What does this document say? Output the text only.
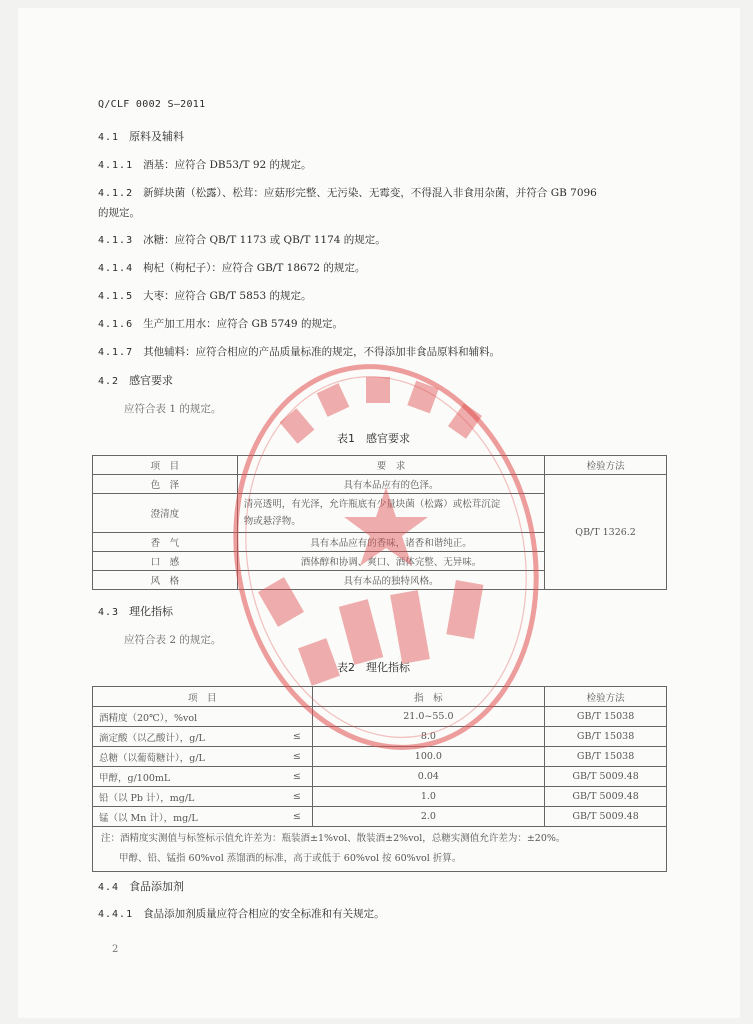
Q/CLF 0002 S—2011
4.1 原料及辅料
4.1.1 酒基：应符合 DB53/T 92 的规定。
4.1.2 新鲜块菌（松露）、松茸：应菇形完整、无污染、无霉变，不得混入非食用杂菌，并符合 GB 7096
的规定。
4.1.3 冰糖：应符合 QB/T 1173 或 QB/T 1174 的规定。
4.1.4 枸杞（枸杞子）：应符合 GB/T 18672 的规定。
4.1.5 大枣：应符合 GB/T 5853 的规定。
4.1.6 生产加工用水：应符合 GB 5749 的规定。
4.1.7 其他辅料：应符合相应的产品质量标准的规定，不得添加非食品原料和辅料。
4.2 感官要求
应符合表 1 的规定。
表1　感官要求
项　目	要　求	检验方法
色　泽	具有本品应有的色泽。	QB/T 1326.2
澄清度	清亮透明，有光泽，允许瓶底有少量块菌（松露）或松茸沉淀
物或悬浮物。	

香　气	具有本品应有的香味，诸香和谐纯正。	
口　感	酒体醇和协调、爽口、酒体完整、无异味。	
风　格	具有本品的独特风格。	
4.3 理化指标
应符合表 2 的规定。
表2　理化指标
项　目		指　标	检验方法
酒精度（20℃），%vol		21.0~55.0	GB/T 15038
滴定酸（以乙酸计），g/L	≤	8.0	GB/T 15038
总糖（以葡萄糖计），g/L	≤	100.0	GB/T 15038
甲醇，g/100mL	≤	0.04	GB/T 5009.48
铅（以 Pb 计），mg/L	≤	1.0	GB/T 5009.48
锰（以 Mn 计），mg/L	≤	2.0	GB/T 5009.48

注：酒精度实测值与标签标示值允许差为：瓶装酒±1%vol、散装酒±2%vol，总糖实测值允许差为：±20%。
甲醇、铅、锰指 60%vol 蒸馏酒的标准，高于或低于 60%vol 按 60%vol 折算。			
4.4 食品添加剂
4.4.1 食品添加剂质量应符合相应的安全标准和有关规定。
2
